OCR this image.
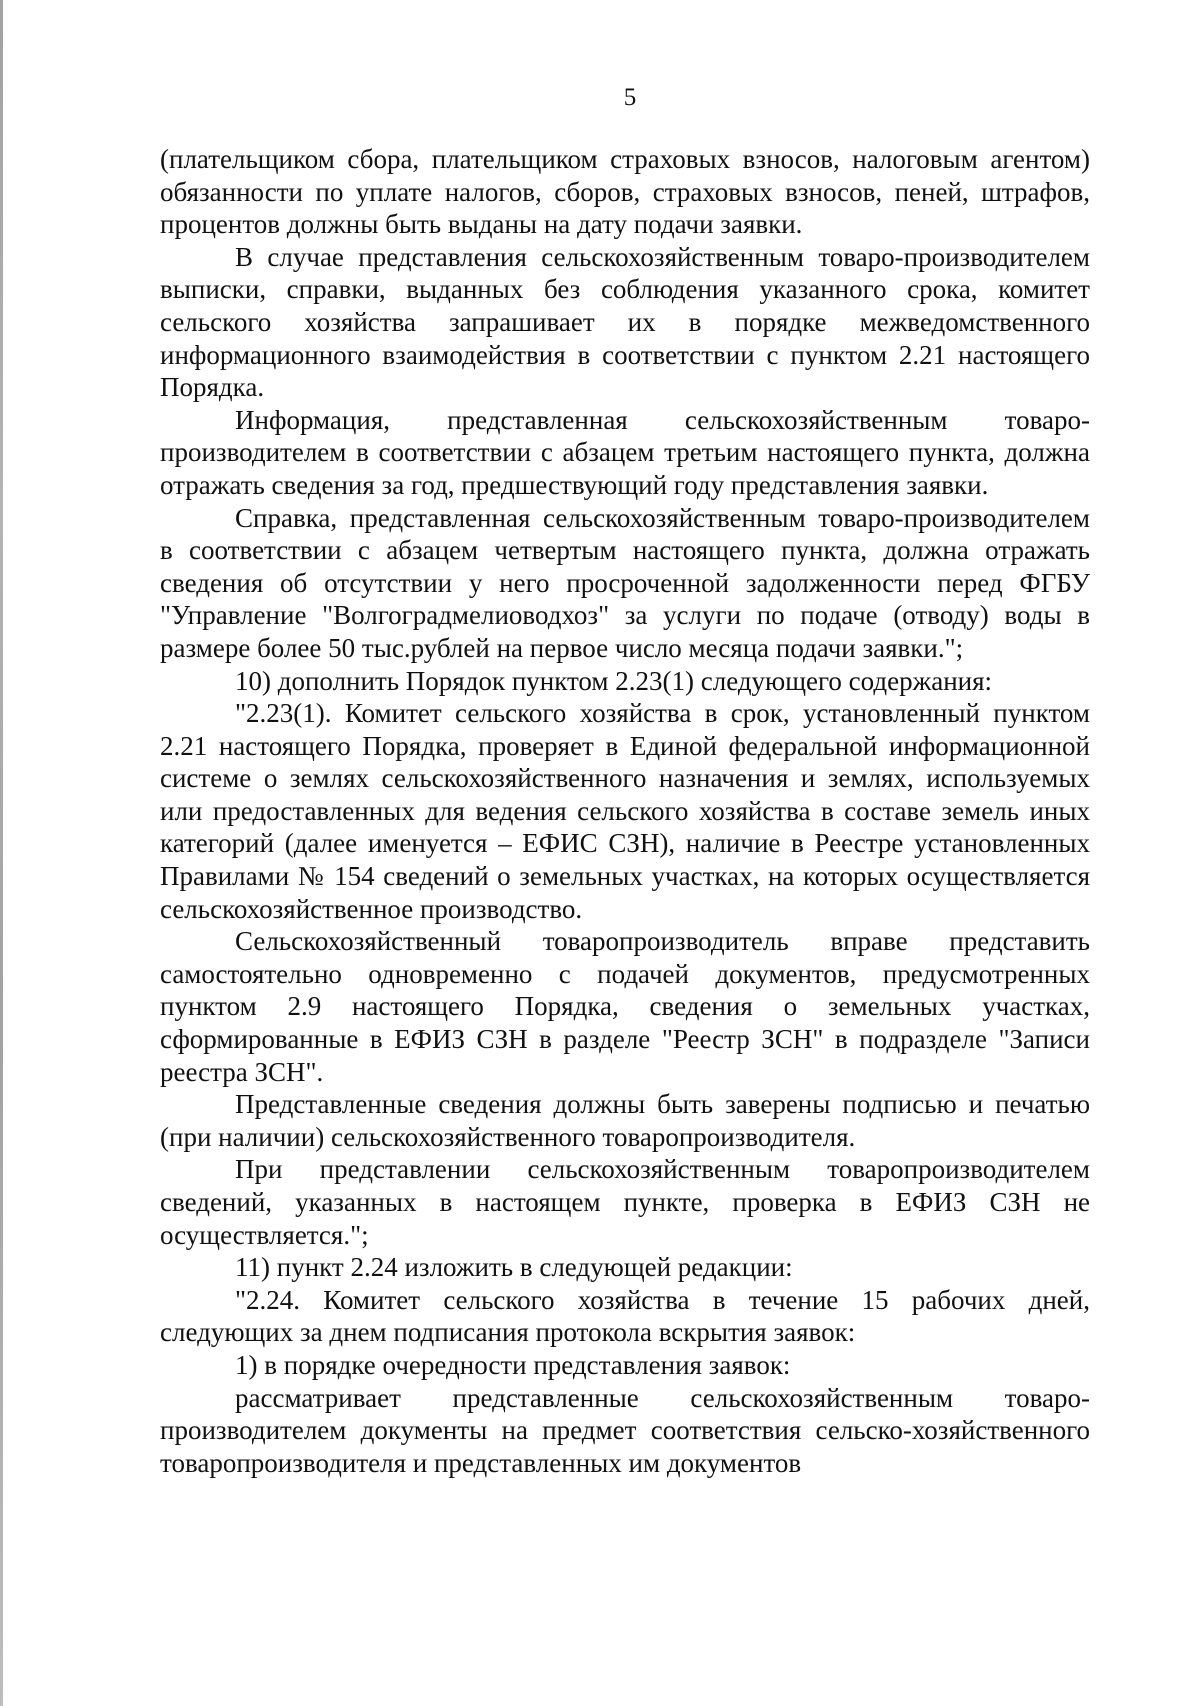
5

(плательщиком сбора, плательщиком страховых взносов, налоговым агентом) обязанности по уплате налогов, сборов, страховых взносов, пеней, штрафов, процентов должны быть выданы на дату подачи заявки.

В случае представления сельскохозяйственным товаро-производителем выписки, справки, выданных без соблюдения указанного срока, комитет сельского хозяйства запрашивает их в порядке межведомственного информационного взаимодействия в соответствии с пунктом 2.21 настоящего Порядка.

Информация, представленная сельскохозяйственным товаро-производителем в соответствии с абзацем третьим настоящего пункта, должна отражать сведения за год, предшествующий году представления заявки.

Справка, представленная сельскохозяйственным товаро-производителем в соответствии с абзацем четвертым настоящего пункта, должна отражать сведения об отсутствии у него просроченной задолженности перед ФГБУ "Управление "Волгоградмелиоводхоз" за услуги по подаче (отводу) воды в размере более 50 тыс.рублей на первое число месяца подачи заявки.";

10) дополнить Порядок пунктом 2.23(1) следующего содержания:

"2.23(1). Комитет сельского хозяйства в срок, установленный пунктом 2.21 настоящего Порядка, проверяет в Единой федеральной информационной системе о землях сельскохозяйственного назначения и землях, используемых или предоставленных для ведения сельского хозяйства в составе земель иных категорий (далее именуется – ЕФИС СЗН), наличие в Реестре установленных Правилами № 154 сведений о земельных участках, на которых осуществляется сельскохозяйственное производство.

Сельскохозяйственный товаропроизводитель вправе представить самостоятельно одновременно с подачей документов, предусмотренных пунктом 2.9 настоящего Порядка, сведения о земельных участках, сформированные в ЕФИЗ СЗН в разделе "Реестр ЗСН" в подразделе "Записи реестра ЗСН".

Представленные сведения должны быть заверены подписью и печатью (при наличии) сельскохозяйственного товаропроизводителя.

При представлении сельскохозяйственным товаропроизводителем сведений, указанных в настоящем пункте, проверка в ЕФИЗ СЗН не осуществляется.";

11) пункт 2.24 изложить в следующей редакции:

"2.24. Комитет сельского хозяйства в течение 15 рабочих дней, следующих за днем подписания протокола вскрытия заявок:

1) в порядке очередности представления заявок:

рассматривает представленные сельскохозяйственным товаро-производителем документы на предмет соответствия сельско-хозяйственного товаропроизводителя и представленных им документов
